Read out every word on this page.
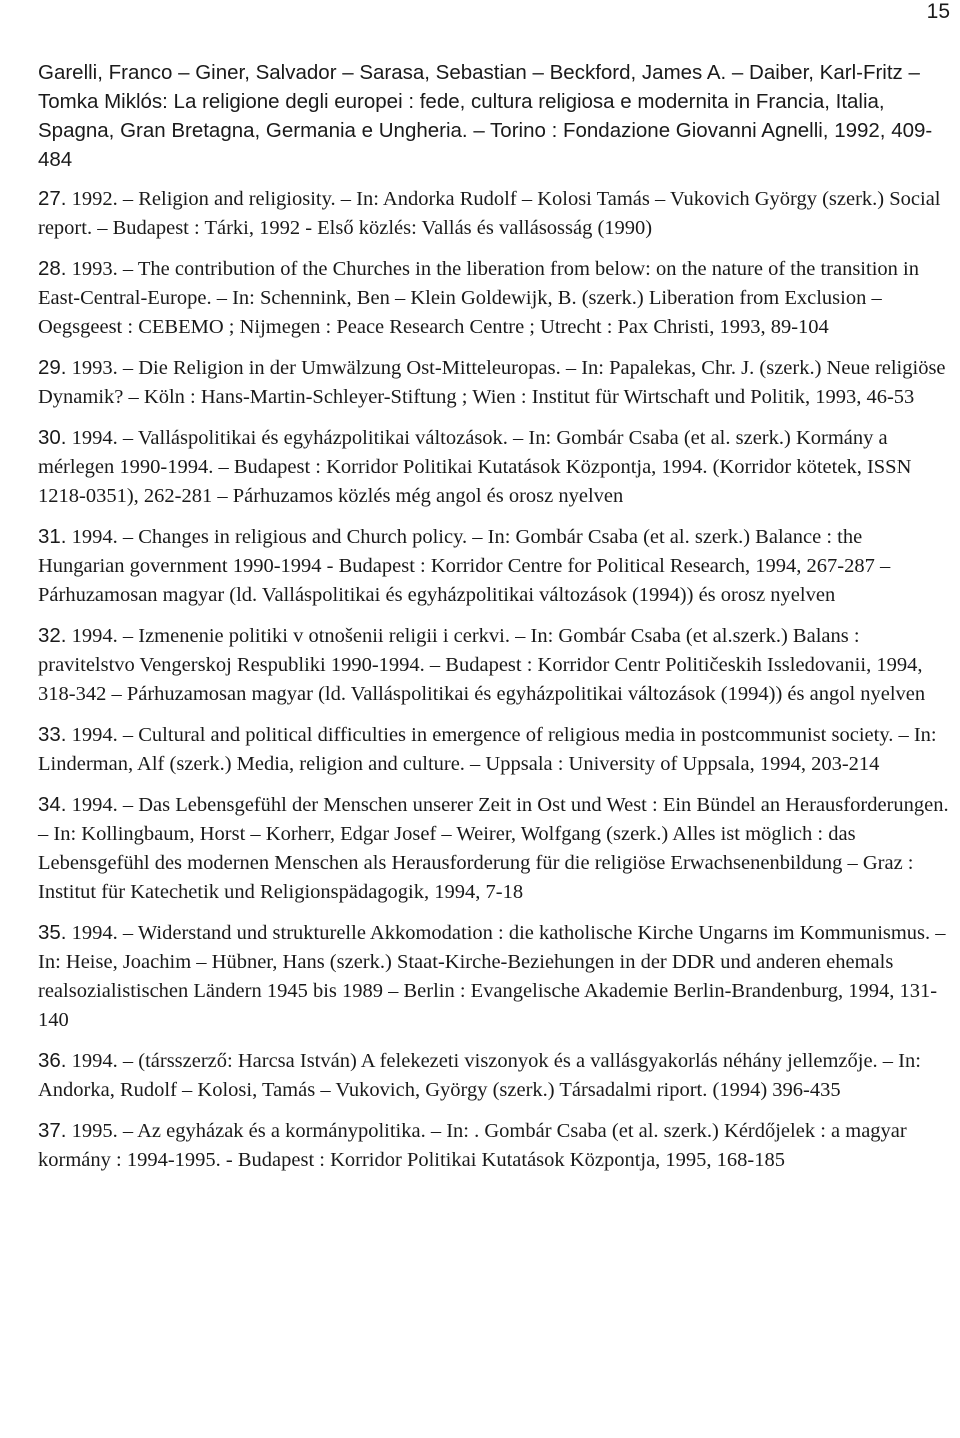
15

Garelli, Franco – Giner, Salvador – Sarasa, Sebastian – Beckford, James A. – Daiber, Karl-Fritz – Tomka Miklós: La religione degli europei : fede, cultura religiosa e modernita in Francia, Italia, Spagna, Gran Bretagna, Germania e Ungheria. – Torino : Fondazione Giovanni Agnelli, 1992, 409-484

27. 1992. – Religion and religiosity. – In: Andorka Rudolf – Kolosi Tamás – Vukovich György (szerk.) Social report. – Budapest : Tárki, 1992 - Első közlés: Vallás és vallásosság (1990)

28. 1993. – The contribution of the Churches in the liberation from below: on the nature of the transition in East-Central-Europe. – In: Schennink, Ben – Klein Goldewijk, B. (szerk.) Liberation from Exclusion – Oegsgeest : CEBEMO ; Nijmegen : Peace Research Centre ; Utrecht : Pax Christi, 1993, 89-104

29. 1993. – Die Religion in der Umwälzung Ost-Mitteleuropas. – In: Papalekas, Chr. J. (szerk.) Neue religiöse Dynamik? – Köln : Hans-Martin-Schleyer-Stiftung ; Wien : Institut für Wirtschaft und Politik, 1993, 46-53

30. 1994. – Valláspolitikai és egyházpolitikai változások. – In: Gombár Csaba (et al. szerk.) Kormány a mérlegen 1990-1994. – Budapest : Korridor Politikai Kutatások Központja, 1994. (Korridor kötetek, ISSN 1218-0351), 262-281 – Párhuzamos közlés még angol és orosz nyelven

31. 1994. – Changes in religious and Church policy. – In: Gombár Csaba (et al. szerk.) Balance : the Hungarian government 1990-1994 - Budapest : Korridor Centre for Political Research, 1994, 267-287 – Párhuzamosan magyar (ld. Valláspolitikai és egyházpolitikai változások (1994)) és orosz nyelven

32. 1994. – Izmenenie politiki v otnošenii religii i cerkvi. – In: Gombár Csaba (et al.szerk.) Balans : pravitelstvo Vengerskoj Respubliki 1990-1994. – Budapest : Korridor Centr Političeskih Issledovanii, 1994, 318-342 – Párhuzamosan magyar (ld. Valláspolitikai és egyházpolitikai változások (1994)) és angol nyelven

33. 1994. – Cultural and political difficulties in emergence of religious media in postcommunist society. – In: Linderman, Alf (szerk.) Media, religion and culture. – Uppsala : University of Uppsala, 1994, 203-214

34. 1994. – Das Lebensgefühl der Menschen unserer Zeit in Ost und West : Ein Bündel an Herausforderungen. – In: Kollingbaum, Horst – Korherr, Edgar Josef – Weirer, Wolfgang (szerk.) Alles ist möglich : das Lebensgefühl des modernen Menschen als Herausforderung für die religiöse Erwachsenenbildung – Graz : Institut für Katechetik und Religionspädagogik, 1994, 7-18

35. 1994. – Widerstand und strukturelle Akkomodation : die katholische Kirche Ungarns im Kommunismus. – In: Heise, Joachim – Hübner, Hans (szerk.) Staat-Kirche-Beziehungen in der DDR und anderen ehemals realsozialistischen Ländern 1945 bis 1989 – Berlin : Evangelische Akademie Berlin-Brandenburg, 1994, 131-140

36. 1994. – (társszerző: Harcsa István) A felekezeti viszonyok és a vallásgyakorlás néhány jellemzője. – In: Andorka, Rudolf – Kolosi, Tamás – Vukovich, György (szerk.) Társadalmi riport. (1994) 396-435

37. 1995. – Az egyházak és a kormánypolitika. – In: . Gombár Csaba (et al. szerk.) Kérdőjelek : a magyar kormány : 1994-1995. - Budapest : Korridor Politikai Kutatások Központja, 1995, 168-185
